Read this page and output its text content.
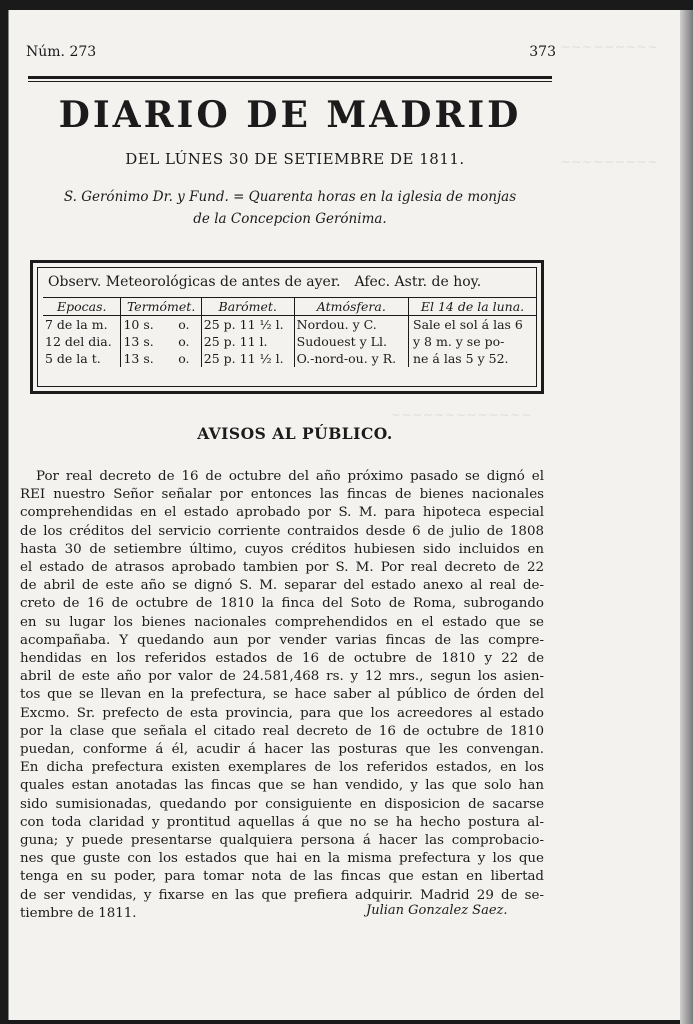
~~~~~~~~~
~~~~~~~~~
~~~~~~~~~~~~~
Núm. 273	373
DIARIO DE MADRID
DEL LÚNES 30 DE SETIEMBRE DE 1811.
S. Gerónimo Dr. y Fund. = Quarenta horas en la iglesia de monjas
de la Concepcion Gerónima.
Observ. Meteorológicas de antes de ayer. Afec. Astr. de hoy.
Epocas.	Termómet.		Barómet.	Atmósfera.	El 14 de la luna.
7 de la m.	10 s.	o.	25 p. 11 ½ l.	Nordou. y C.	Sale el sol á las 6
12 del dia.	13 s.	o.	25 p. 11 l.	Sudouest y Ll.	y 8 m. y se po-
5 de la t.	13 s.	o.	25 p. 11 ½ l.	O.-nord-ou. y R.	ne á las 5 y 52.
AVISOS AL PÚBLICO.
Por real decreto de 16 de octubre del año próximo pasado se dignó el
REI nuestro Señor señalar por entonces las fincas de bienes nacionales
comprehendidas en el estado aprobado por S. M. para hipoteca especial
de los créditos del servicio corriente contraidos desde 6 de julio de 1808
hasta 30 de setiembre último, cuyos créditos hubiesen sido incluidos en
el estado de atrasos aprobado tambien por S. M. Por real decreto de 22
de abril de este año se dignó S. M. separar del estado anexo al real de-
creto de 16 de octubre de 1810 la finca del Soto de Roma, subrogando
en su lugar los bienes nacionales comprehendidos en el estado que se
acompañaba. Y quedando aun por vender varias fincas de las compre-
hendidas en los referidos estados de 16 de octubre de 1810 y 22 de
abril de este año por valor de 24.581,468 rs. y 12 mrs., segun los asien-
tos que se llevan en la prefectura, se hace saber al público de órden del
Excmo. Sr. prefecto de esta provincia, para que los acreedores al estado
por la clase que señala el citado real decreto de 16 de octubre de 1810
puedan, conforme á él, acudir á hacer las posturas que les convengan.
En dicha prefectura existen exemplares de los referidos estados, en los
quales estan anotadas las fincas que se han vendido, y las que solo han
sido sumisionadas, quedando por consiguiente en disposicion de sacarse
con toda claridad y prontitud aquellas á que no se ha hecho postura al-
guna; y puede presentarse qualquiera persona á hacer las comprobacio-
nes que guste con los estados que hai en la misma prefectura y los que
tenga en su poder, para tomar nota de las fincas que estan en libertad
de ser vendidas, y fixarse en las que prefiera adquirir. Madrid 29 de se-
tiembre de 1811.	Julian Gonzalez Saez.
